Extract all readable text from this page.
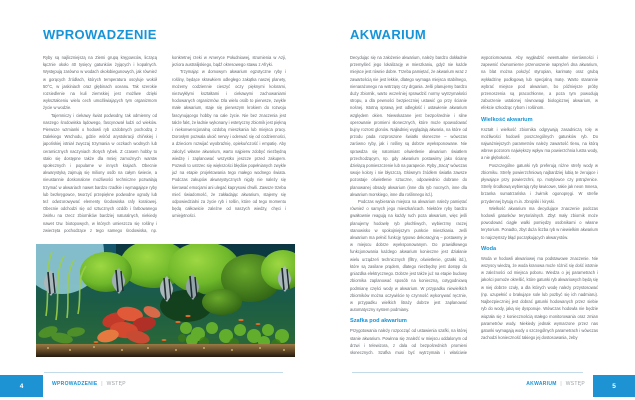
WPROWADZENIE

Ryby są najliczniejszą na Ziemi grupą kręgowców, liczącą łącznie około 40 tysięcy gatunków żyjących i kopalnych. Występują zarówno w wodach okołobiegunowych, jak również w gorących źródłach, których temperatura oscyluje wokół 50°C, w jaskiniach oraz głębinach oceanu. Tak szerokie rozsiedlenie na kuli ziemskiej jest możliwe dzięki wykształceniu wielu cech umożliwiających tym organizmom życie w wodzie.

Tajemniczy i ciekawy świat podwodny, tak odmienny od naszego środowiska lądowego, fascynował ludzi od wieków. Pierwsze wzmianki o hodowli ryb ozdobnych pochodzą z Dalekiego Wschodu, gdzie wśród arystokracji chińskiej i japońskiej istniał zwyczaj trzymania w oczkach wodnych lub ceramicznych naczyniach złotych rybek. Z czasem hobby to stało się dostępne także dla mniej zamożnych warstw społecznych i popularne w innych krajach. Obecnie akwarystyką zajmują się miliony osób na całym świecie, a nieustannie doskonalone możliwości techniczne pozwalają trzymać w akwariach nawet bardzo rzadkie i wymagające ryby lub bezkręgowce, tworzyć przepiękne podwodne ogrody lub też odwzorowywać elementy środowiska rafy koralowej. Obecnie odchodzi się od sztucznych ozdób i farbowanego żwirku na rzecz zbiorników bardziej naturalnych, niekiedy nawet tzw. biotopowych, w których umieszcza się rośliny i zwierzęta pochodzące z tego samego środowiska, np. konkretnej rzeki w Ameryce Południowej, strumienia w Azji, jeziora australijskiego, bądź okresowego stawu z Afryki.

Trzymając w domowym akwarium egzotyczne ryby i rośliny, będące skrawkiem odległego zakątka naszej planety, możemy codziennie cieszyć oczy pięknymi kolorami, niezwykłymi kształtami i ciekawymi zachowaniami hodowanych organizmów. Dla wielu osób to pierwsze, zwykle małe akwarium, staje się pierwszym krokiem do rozwoju fascynującego hobby na całe życie. Nie bez znaczenia jest także fakt, że ładnie wykonany i estetyczny zbiornik jest piękną i niekonwencjonalną ozdobą mieszkania lub miejsca pracy. Dorosłym pozwala ukoić nerwy i oderwać się od codzienności, a dzieciom rozwijać wyobraźnię, opiekuńczość i empatię. Aby założyć własne akwarium, warto najpierw zdobyć niezbędną wiedzę i zaplanować wszystko jeszcze przed zakupem. Pozwoli to ustrzec się większości błędów popełnianych zwykle już na etapie projektowania tego małego wodnego świata. Podczas zakupów akwarystycznych nigdy nie należy się kierować emocjami ani ulegać kaprysowi chwili. Zawsze trzeba mieć świadomość, że zakładając akwarium, stajemy się odpowiedzialni za życie ryb i roślin, które od tego momentu będą całkowicie zależne od naszych wiedzy, chęci i umiejętności.

4	WPROWADZENIE | WSTĘP
AKWARIUM

Decydując się na założenie akwarium, należy bardzo dokładnie przemyśleć jego lokalizację w mieszkaniu, gdyż nie każde miejsce jest równie dobre. Trzeba pamiętać, że akwarium wraz z zawartością nie jest lekkie, dlatego wymaga miejsca stabilnego, nienarażonego na wstrząsy czy drgania. Jeśli planujemy bardzo duży zbiornik, warto wcześniej sprawdzić normy wytrzymałości stropu, a dla pewności bezpieczniej ustawić go przy ścianie nośnej. Istotną sprawą jest odległość i ustawienie akwarium względem okien. Niewskazane jest bezpośrednie i silne operowanie promieni słonecznych, które może spowodować bujny rozrost glonów. Najładniej wyglądają akwaria, na które od przodu pada rozproszone światło słoneczne – wówczas zarówno ryby, jak i rośliny są dobrze wyeksponowane. Nie sprawdza się natomiast oświetlenie akwarium światłem przechodzącym, np. gdy akwarium postawimy jako ścianę dzielącą pomieszczenie lub na parapecie. Ryby „tracą” wówczas swoje kolory i nie błyszczą. Głównym źródłem światła zawsze pozostaje oświetlenie sztuczne, odpowiednio dobrane do planowanej obsady akwarium (inne dla ryb nocnych, inne dla akwarium morskiego, inne dla roślinnego itd.).

Podczas wybierania miejsca na akwarium należy pamiętać również o samych jego mieszkańcach. Niektóre ryby bardzo gwałtownie reagują na każdy ruch poza akwarium, więc jeśli planujemy hodowlę ryb płochliwych, wybierzmy raczej stanowisko w spokojniejszym punkcie mieszkania. Jeśli akwarium ma pełnić funkcję typowo dekoracyjną – postawmy je w miejscu dobrze wyeksponowanym. Do prawidłowego funkcjonowania każdego akwarium konieczne jest działanie wielu urządzeń technicznych (filtry, oświetlenie, grzałki itd.), które są zasilane prądem, dlatego niezbędny jest dostęp do gniazdka elektrycznego. Dobrze jest także już na etapie budowy zbiornika zaplanować sposób na konieczną, cotygodniową podmianę części wody w akwarium. W przypadku niewielkich zbiorników można oczywiście tę czynność wykonywać ręcznie, w przypadku wielkich litraży dobrze jest zaplanować automatyczny system podmiany.

Szafka pod akwarium

Przygotowania należy rozpocząć od ustawienia szafki, na której stanie akwarium. Powinna się znaleźć w miejscu oddalonym od drzwi i telewizora, z dala od bezpośrednich promieni słonecznych. Szafka musi być wytrzymała i właściwie wypoziomowana. Aby wygładzić ewentualne nierówności i zapewnić równomierne przenoszenie naprężeń dna akwarium, na blat można położyć styropian, karimatę oraz grubą wykładzinę podłogową lub specjalną matę. Warto starannie wybrać miejsce pod akwarium, bo późniejsze próby przenoszenia są pracochłonne, a poza tym powodują zaburzenie ustalonej równowagi biologicznej akwarium, w efekcie szkodząc rybom i roślinom.

Wielkość akwarium

Kształt i wielkość zbiornika odgrywają zasadniczą rolę w możliwości hodowli poszczególnych gatunków ryb. Do najważniejszych parametrów należy zawartość tlenu, na którą wbrew pozorom największy wpływ ma powierzchnia lustra wody, a nie głębokość.

Poszczególne gatunki ryb preferują różne strefy wody w zbiorniku. Strefę powierzchniową najbardziej lubią te żerujące i pływające przy powierzchni, np. motylowce czy pstrążenice. Strefę środkową wybierają ryby ławicowe, takie jak neon Innesa, brzanka sumatrzańska i żwirnik ogonopręgi. W strefie przydennej bytują m.in. zbrojniki i kiryski.

Wielkość akwarium ma decydujące znaczenie podczas hodowli gatunków terytorialnych. Zbyt mały zbiornik może powodować ciągłe walki pomiędzy osobnikami o własne terytorium. Ponadto, zbyt duża liczba ryb w niewielkim akwarium to najczęstszy błąd początkujących akwarystów.

Woda

Woda w hodowli akwariowej ma podstawowe znaczenie. Nie wszyscy wiedzą, że woda kranowa może różnić się dość istotnie w zależności od miejsca poboru. Wiedza o jej parametrach i jakości pomoże określić, które gatunki ryb akwariowych będą się w niej dobrze czuły, a dla których wodę należy przystosować (np. uzupełnić o brakujące sole lub pozbyć się ich nadmiaru). Najbezpieczniej jest dobrać gatunki hodowanych przez siebie ryb do wody, jaką się dysponuje. Wówczas hodowla nie będzie wiązała się z koniecznością stałego monitorowania oraz zmian parametrów wody. Niekiedy jednak wymarzone przez nas gatunki wymagają wody o szczególnych parametrach i wówczas zachodzi konieczność takiego jej dostosowania, żeby

AKWARIUM | WSTĘP	5
